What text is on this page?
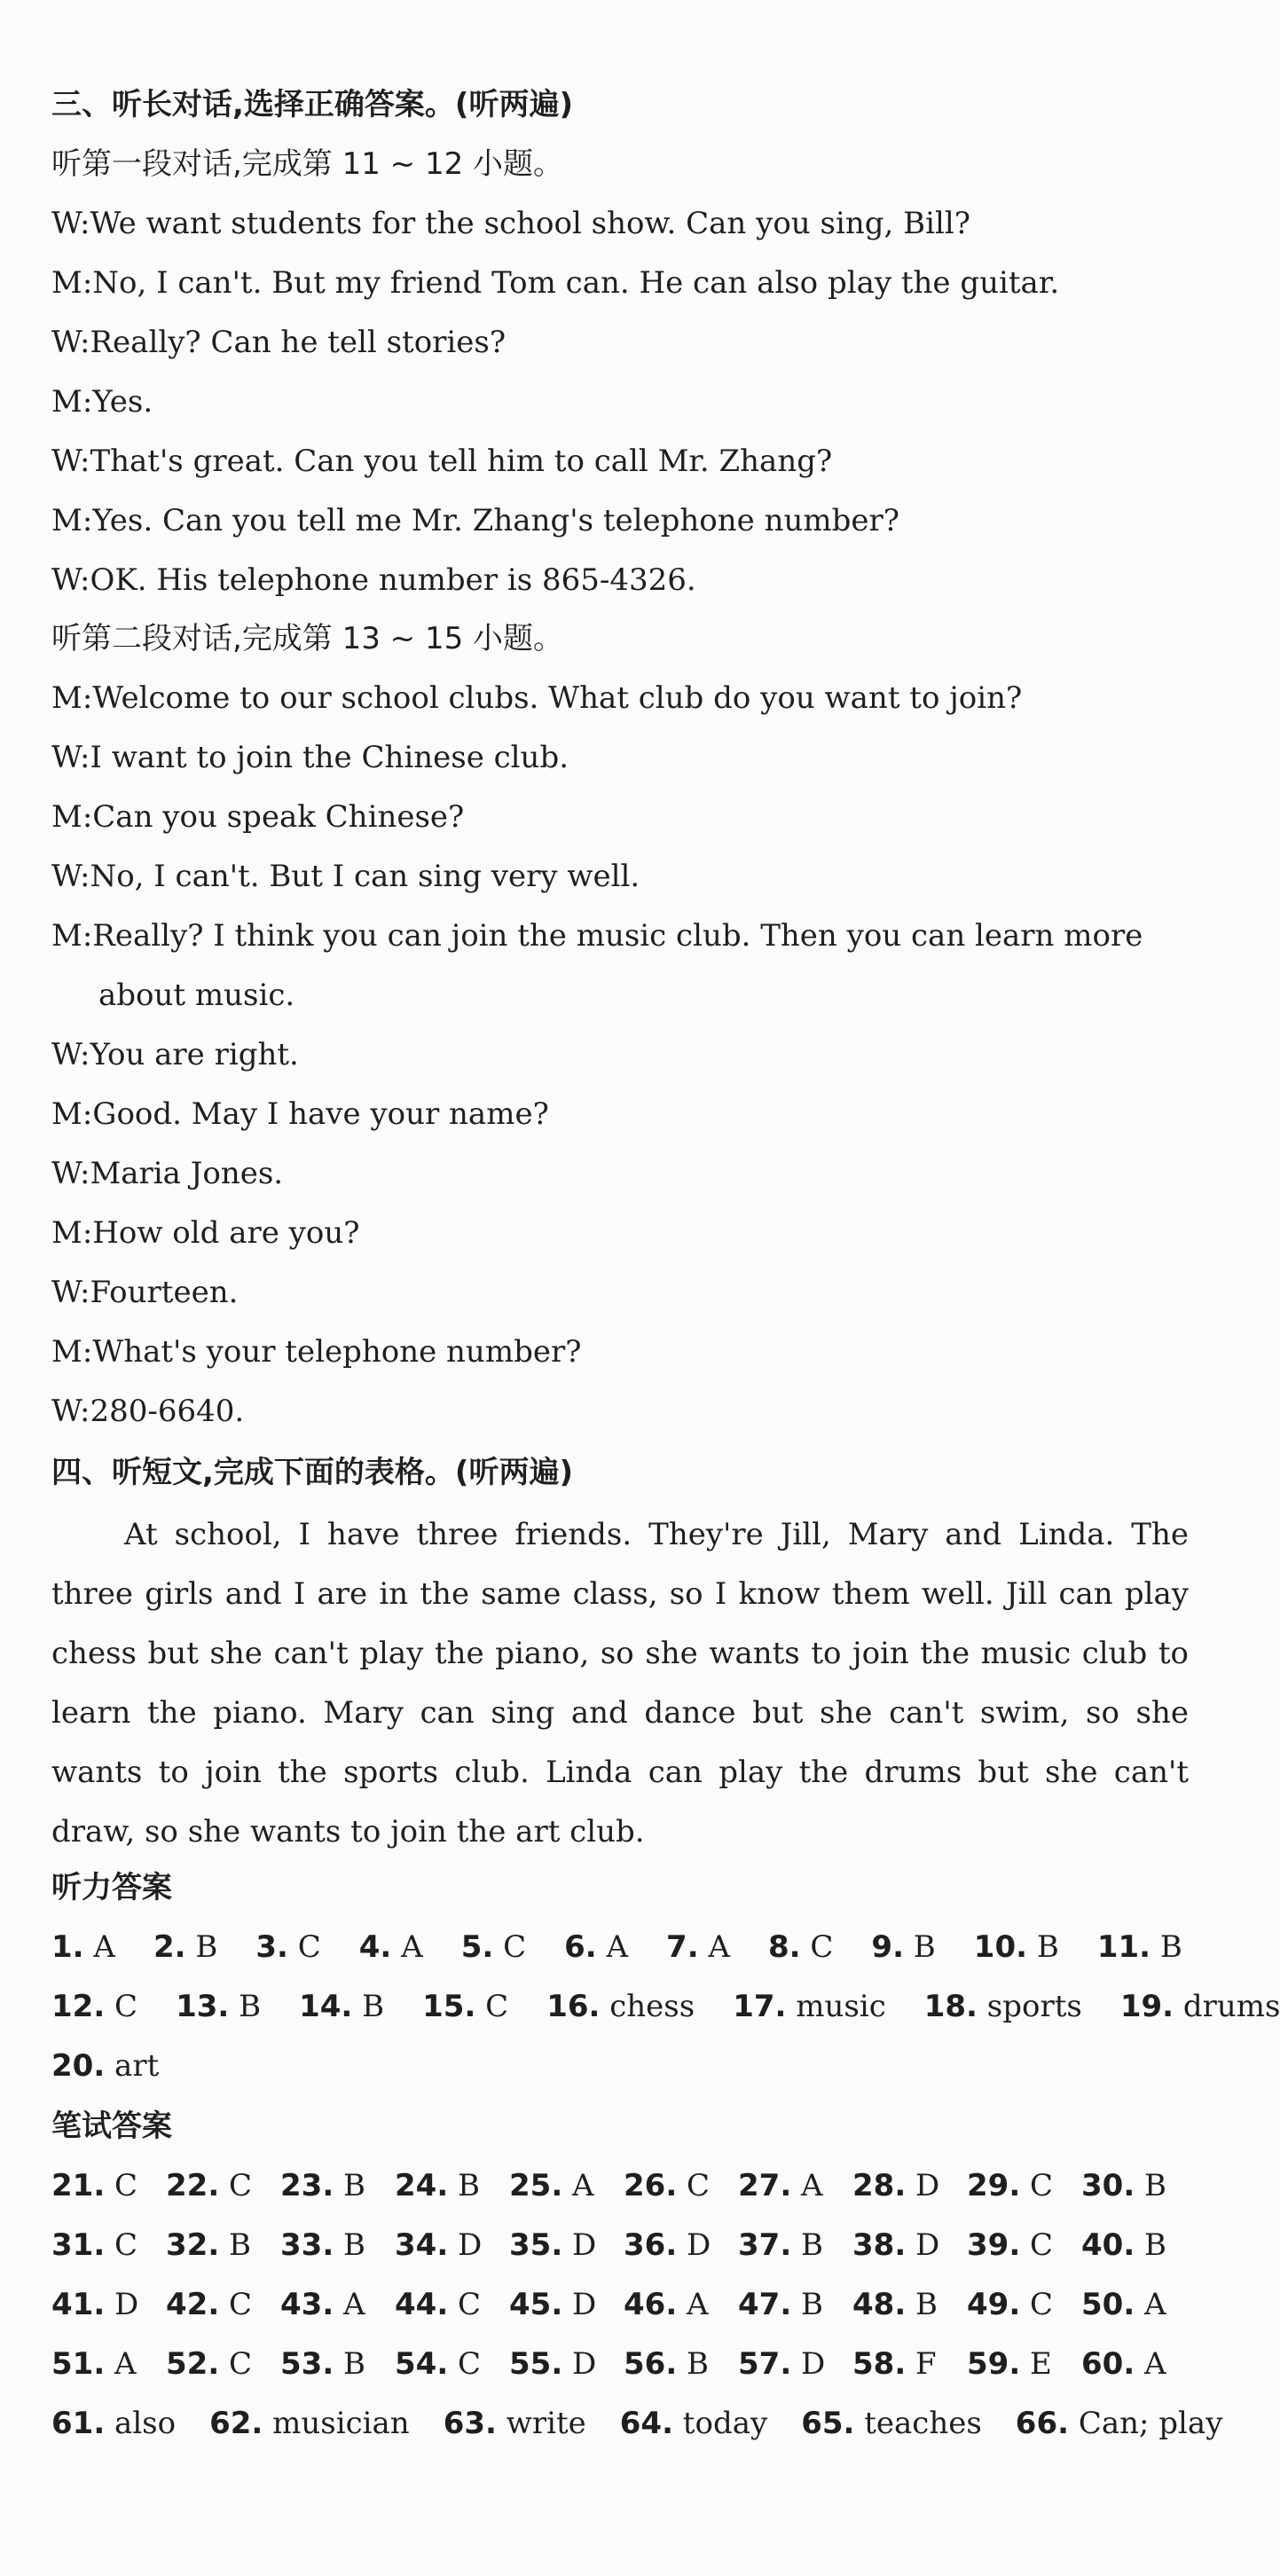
三、听长对话,选择正确答案。(听两遍)
听第一段对话,完成第 11 ~ 12 小题。
W:We want students for the school show. Can you sing, Bill?
M:No, I can't. But my friend Tom can. He can also play the guitar.
W:Really? Can he tell stories?
M:Yes.
W:That's great. Can you tell him to call Mr. Zhang?
M:Yes. Can you tell me Mr. Zhang's telephone number?
W:OK. His telephone number is 865-4326.
听第二段对话,完成第 13 ~ 15 小题。
M:Welcome to our school clubs. What club do you want to join?
W:I want to join the Chinese club.
M:Can you speak Chinese?
W:No, I can't. But I can sing very well.
M:Really? I think you can join the music club. Then you can learn more
about music.
W:You are right.
M:Good. May I have your name?
W:Maria Jones.
M:How old are you?
W:Fourteen.
M:What's your telephone number?
W:280-6640.
四、听短文,完成下面的表格。(听两遍)
At school, I have three friends. They're Jill, Mary and Linda. The three girls and I are in the same class, so I know them well. Jill can play chess but she can't play the piano, so she wants to join the music club to learn the piano. Mary can sing and dance but she can't swim, so she wants to join the sports club. Linda can play the drums but she can't draw, so she wants to join the art club.
听力答案
1. A 2. B 3. C 4. A 5. C 6. A 7. A 8. C 9. B 10. B 11. B
12. C 13. B 14. B 15. C 16. chess 17. music 18. sports 19. drums
20. art
笔试答案
21. C 22. C 23. B 24. B 25. A 26. C 27. A 28. D 29. C 30. B
31. C 32. B 33. B 34. D 35. D 36. D 37. B 38. D 39. C 40. B
41. D 42. C 43. A 44. C 45. D 46. A 47. B 48. B 49. C 50. A
51. A 52. C 53. B 54. C 55. D 56. B 57. D 58. F	59. E 60. A
61. also 62. musician 63. write 64. today 65. teaches 66. Can; play
